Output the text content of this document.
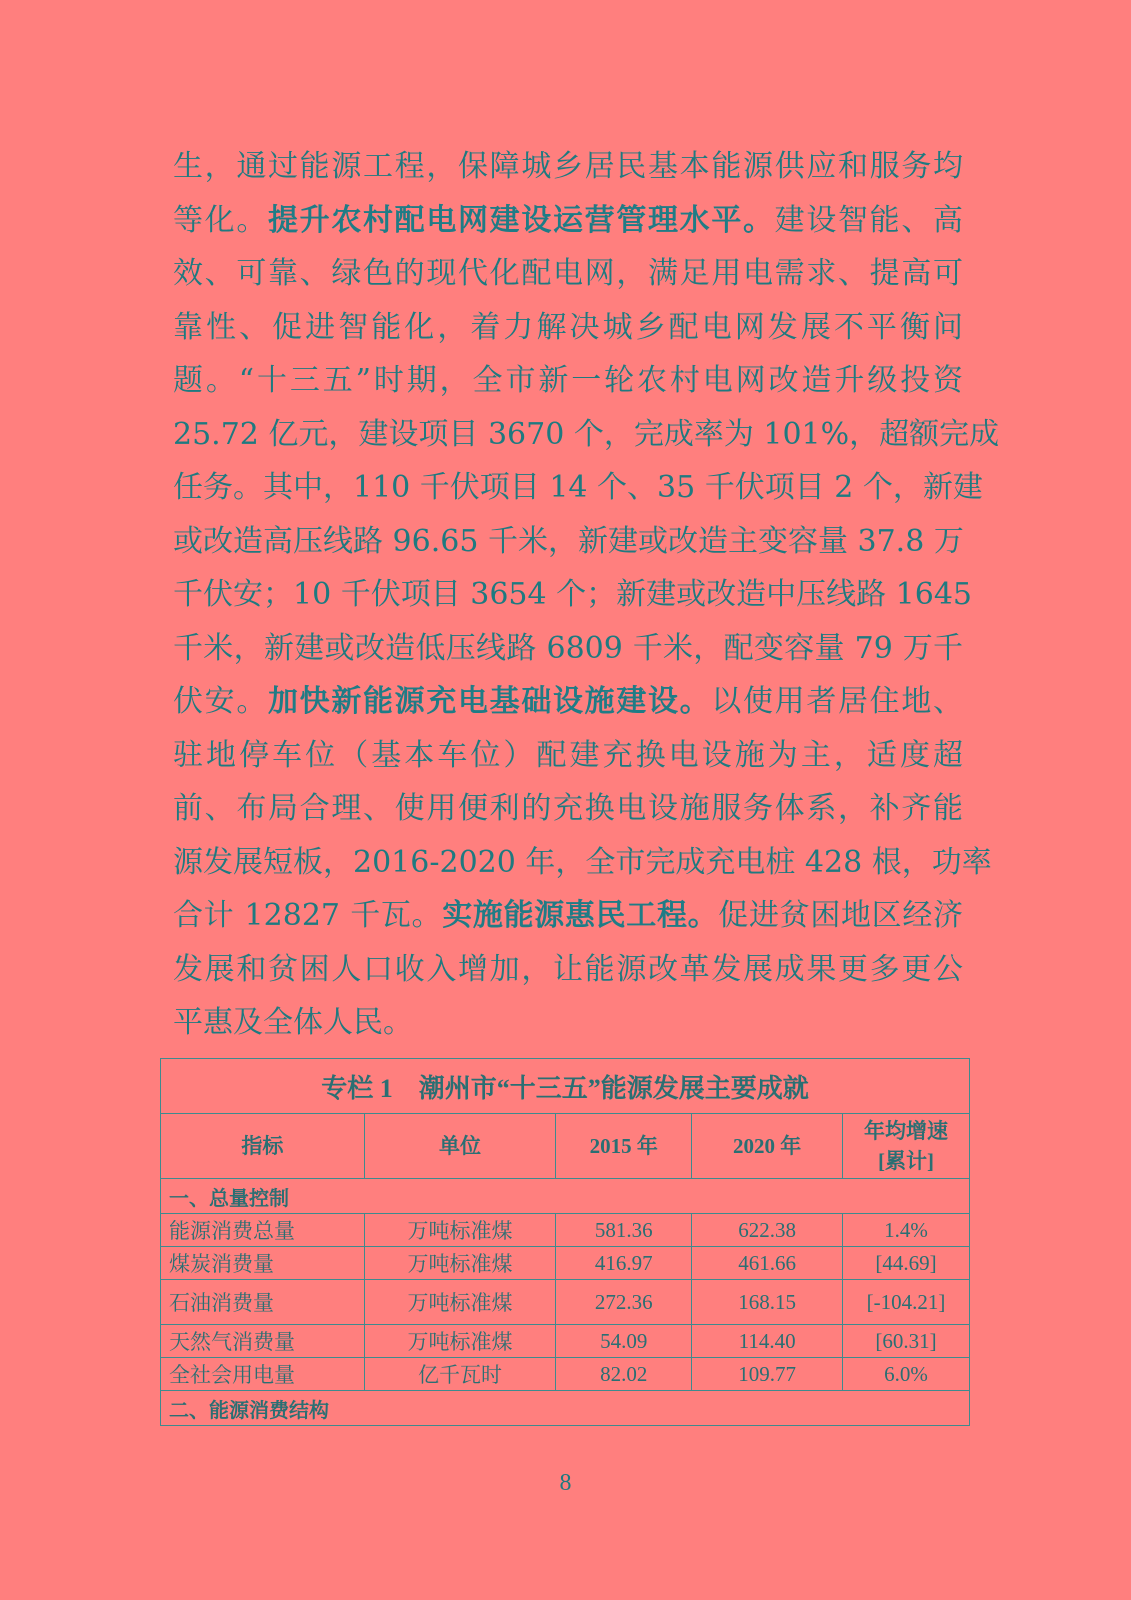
生，通过能源工程，保障城乡居民基本能源供应和服务均
等化。提升农村配电网建设运营管理水平。建设智能、高
效、可靠、绿色的现代化配电网，满足用电需求、提高可
靠性、促进智能化，着力解决城乡配电网发展不平衡问
题。“十三五”时期，全市新一轮农村电网改造升级投资
25.72 亿元，建设项目 3670 个，完成率为 101%，超额完成
任务。其中，110 千伏项目 14 个、35 千伏项目 2 个，新建
或改造高压线路 96.65 千米，新建或改造主变容量 37.8 万
千伏安；10 千伏项目 3654 个；新建或改造中压线路 1645
千米，新建或改造低压线路 6809 千米，配变容量 79 万千
伏安。加快新能源充电基础设施建设。以使用者居住地、
驻地停车位（基本车位）配建充换电设施为主，适度超
前、布局合理、使用便利的充换电设施服务体系，补齐能
源发展短板，2016-2020 年，全市完成充电桩 428 根，功率
合计 12827 千瓦。实施能源惠民工程。促进贫困地区经济
发展和贫困人口收入增加，让能源改革发展成果更多更公
平惠及全体人民。
专栏 1　潮州市“十三五”能源发展主要成就				
指标	单位	2015 年	2020 年	年均增速
[累计]

一、总量控制				
能源消费总量	万吨标准煤	581.36	622.38	1.4%
煤炭消费量	万吨标准煤	416.97	461.66	[44.69]
石油消费量	万吨标准煤	272.36	168.15	[-104.21]
天然气消费量	万吨标准煤	54.09	114.40	[60.31]
全社会用电量	亿千瓦时	82.02	109.77	6.0%
二、能源消费结构				
8
